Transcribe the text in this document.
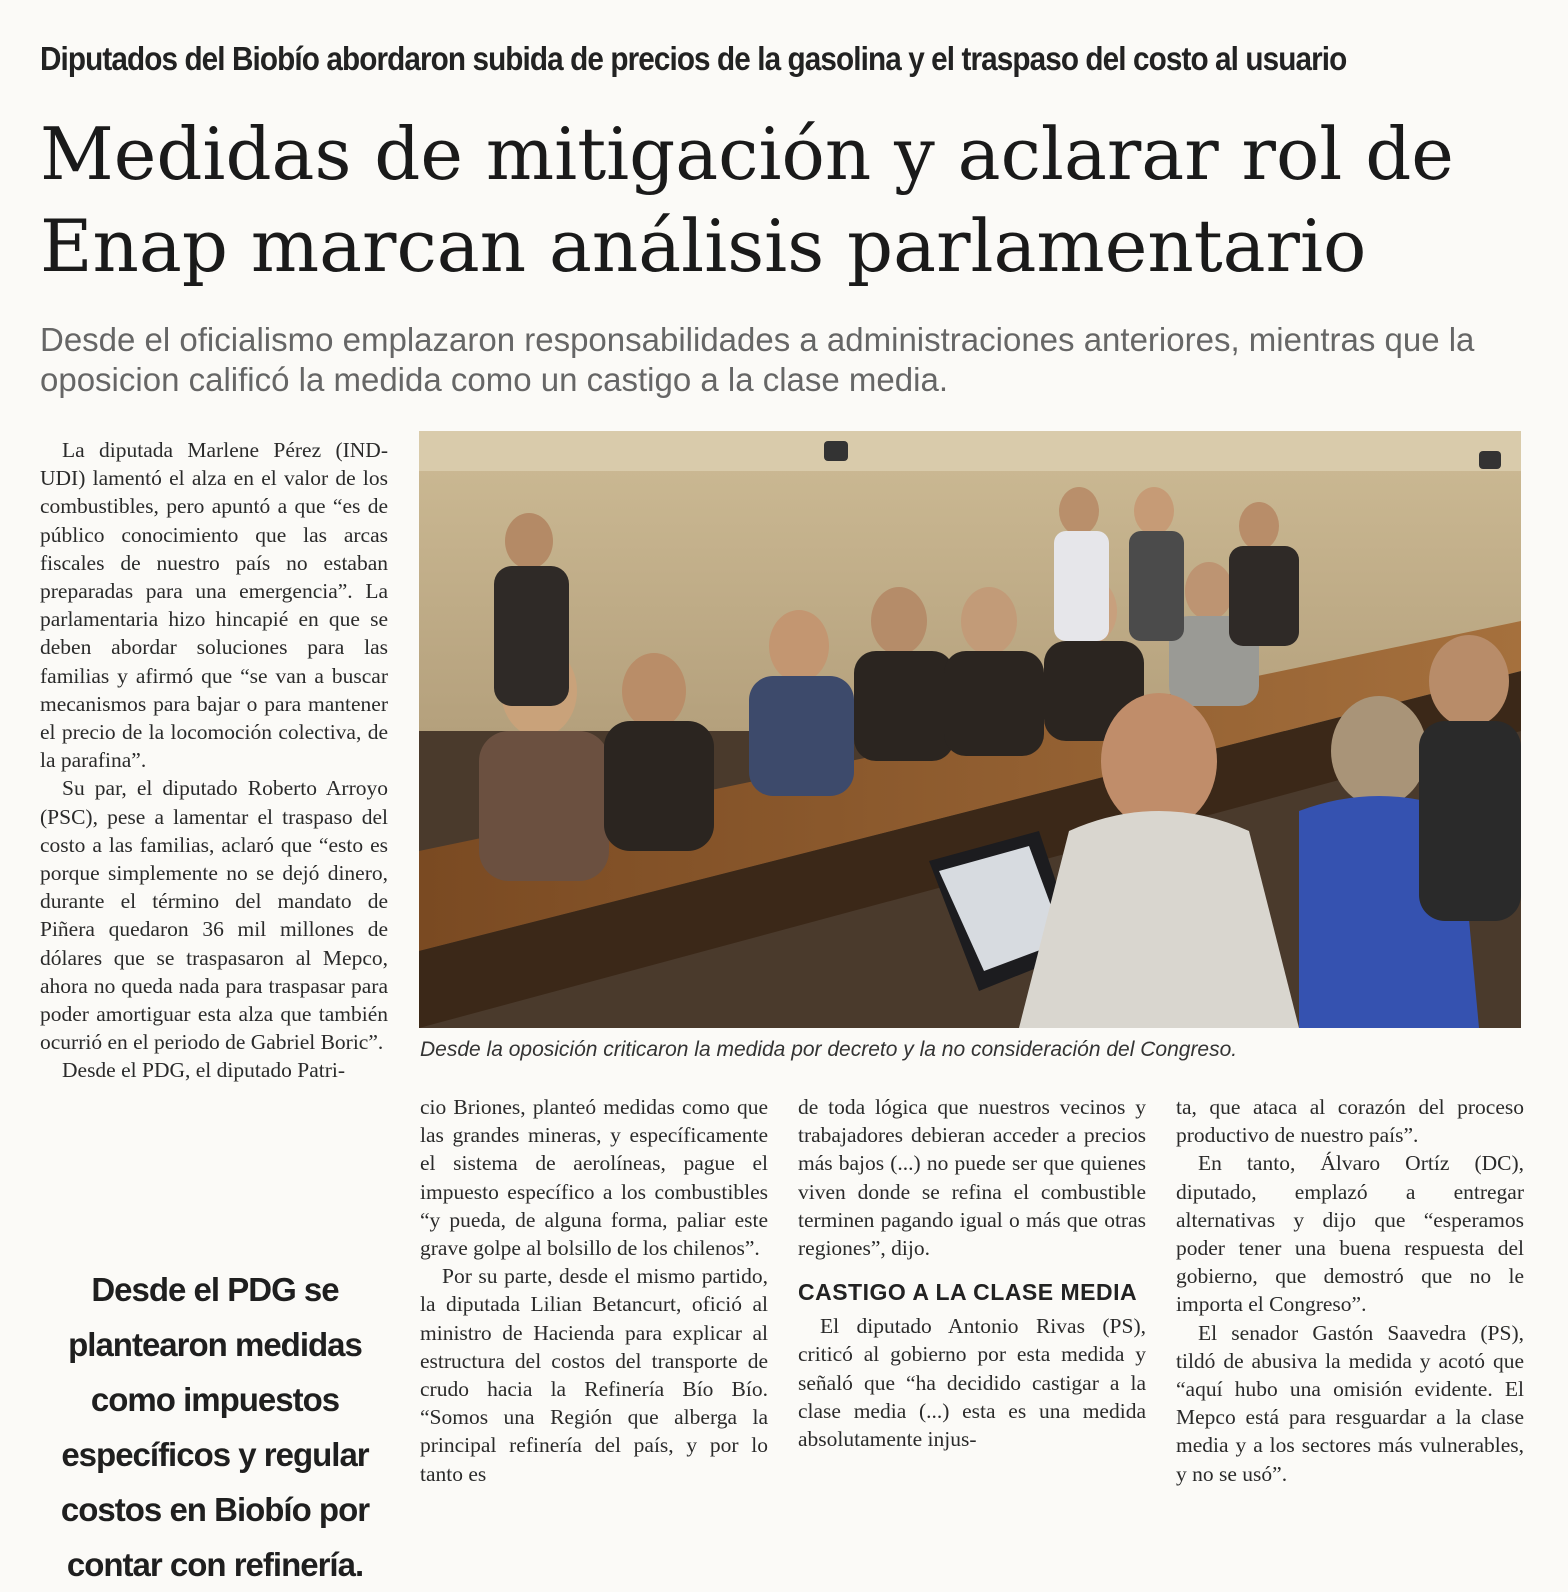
Diputados del Biobío abordaron subida de precios de la gasolina y el traspaso del costo al usuario
Medidas de mitigación y aclarar rol de Enap marcan análisis parlamentario
Desde el oficialismo emplazaron responsabilidades a administraciones anteriores, mientras que la oposicion calificó la medida como un castigo a la clase media.

La diputada Marlene Pérez (IND-UDI) lamentó el alza en el valor de los combustibles, pero apuntó a que “es de público conocimiento que las arcas fiscales de nuestro país no estaban preparadas para una emergencia”. La parlamentaria hizo hincapié en que se deben abordar soluciones para las familias y afirmó que “se van a buscar mecanismos para bajar o para mantener el precio de la locomoción colectiva, de la parafina”.

Su par, el diputado Roberto Arroyo (PSC), pese a lamentar el traspaso del costo a las familias, aclaró que “esto es porque simplemente no se dejó dinero, durante el término del mandato de Piñera quedaron 36 mil millones de dólares que se traspasaron al Mepco, ahora no queda nada para traspasar para poder amortiguar esta alza que también ocurrió en el periodo de Gabriel Boric”.

Desde el PDG, el diputado Patri-

Desde el PDG se plantearon medidas como impuestos específicos y regular costos en Biobío por contar con refinería.
Desde la oposición criticaron la medida por decreto y la no consideración del Congreso.

cio Briones, planteó medidas como que las grandes mineras, y específicamente el sistema de aerolíneas, pague el impuesto específico a los combustibles “y pueda, de alguna forma, paliar este grave golpe al bolsillo de los chilenos”.

Por su parte, desde el mismo partido, la diputada Lilian Betancurt, ofició al ministro de Hacienda para explicar al estructura del costos del transporte de crudo hacia la Refinería Bío Bío. “Somos una Región que alberga la principal refinería del país, y por lo tanto es

de toda lógica que nuestros vecinos y trabajadores debieran acceder a precios más bajos (...) no puede ser que quienes viven donde se refina el combustible terminen pagando igual o más que otras regiones”, dijo.

CASTIGO A LA CLASE MEDIA

El diputado Antonio Rivas (PS), criticó al gobierno por esta medida y señaló que “ha decidido castigar a la clase media (...) esta es una medida absolutamente injus-

ta, que ataca al corazón del proceso productivo de nuestro país”.

En tanto, Álvaro Ortíz (DC), diputado, emplazó a entregar alternativas y dijo que “esperamos poder tener una buena respuesta del gobierno, que demostró que no le importa el Congreso”.

El senador Gastón Saavedra (PS), tildó de abusiva la medida y acotó que “aquí hubo una omisión evidente. El Mepco está para resguardar a la clase media y a los sectores más vulnerables, y no se usó”.
